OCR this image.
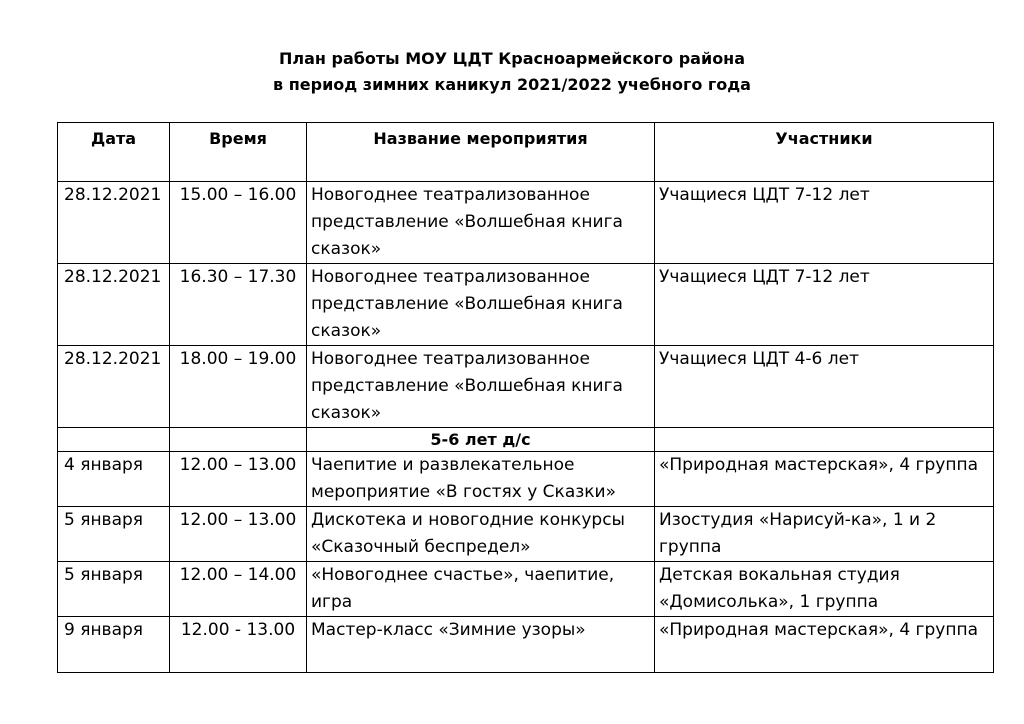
План работы МОУ ЦДТ Красноармейского района
в период зимних каникул 2021/2022 учебного года
Дата	Время	Название мероприятия	Участники
28.12.2021	15.00 – 16.00	Новогоднее театрализованное представление «Волшебная книга сказок»	Учащиеся ЦДТ 7-12 лет
28.12.2021	16.30 – 17.30	Новогоднее театрализованное представление «Волшебная книга сказок»	Учащиеся ЦДТ 7-12 лет
28.12.2021	18.00 – 19.00	Новогоднее театрализованное представление «Волшебная книга сказок»	Учащиеся ЦДТ 4-6 лет
		5-6 лет д/с	
4 января	12.00 – 13.00	Чаепитие и развлекательное мероприятие «В гостях у Сказки»	«Природная мастерская», 4 группа
5 января	12.00 – 13.00	Дискотека и новогодние конкурсы «Сказочный беспредел»	Изостудия «Нарисуй-ка», 1 и 2 группа
5 января	12.00 – 14.00	«Новогоднее счастье», чаепитие, игра	Детская вокальная студия «Домисолька», 1 группа
9 января	12.00 - 13.00	Мастер-класс «Зимние узоры»	«Природная мастерская», 4 группа
